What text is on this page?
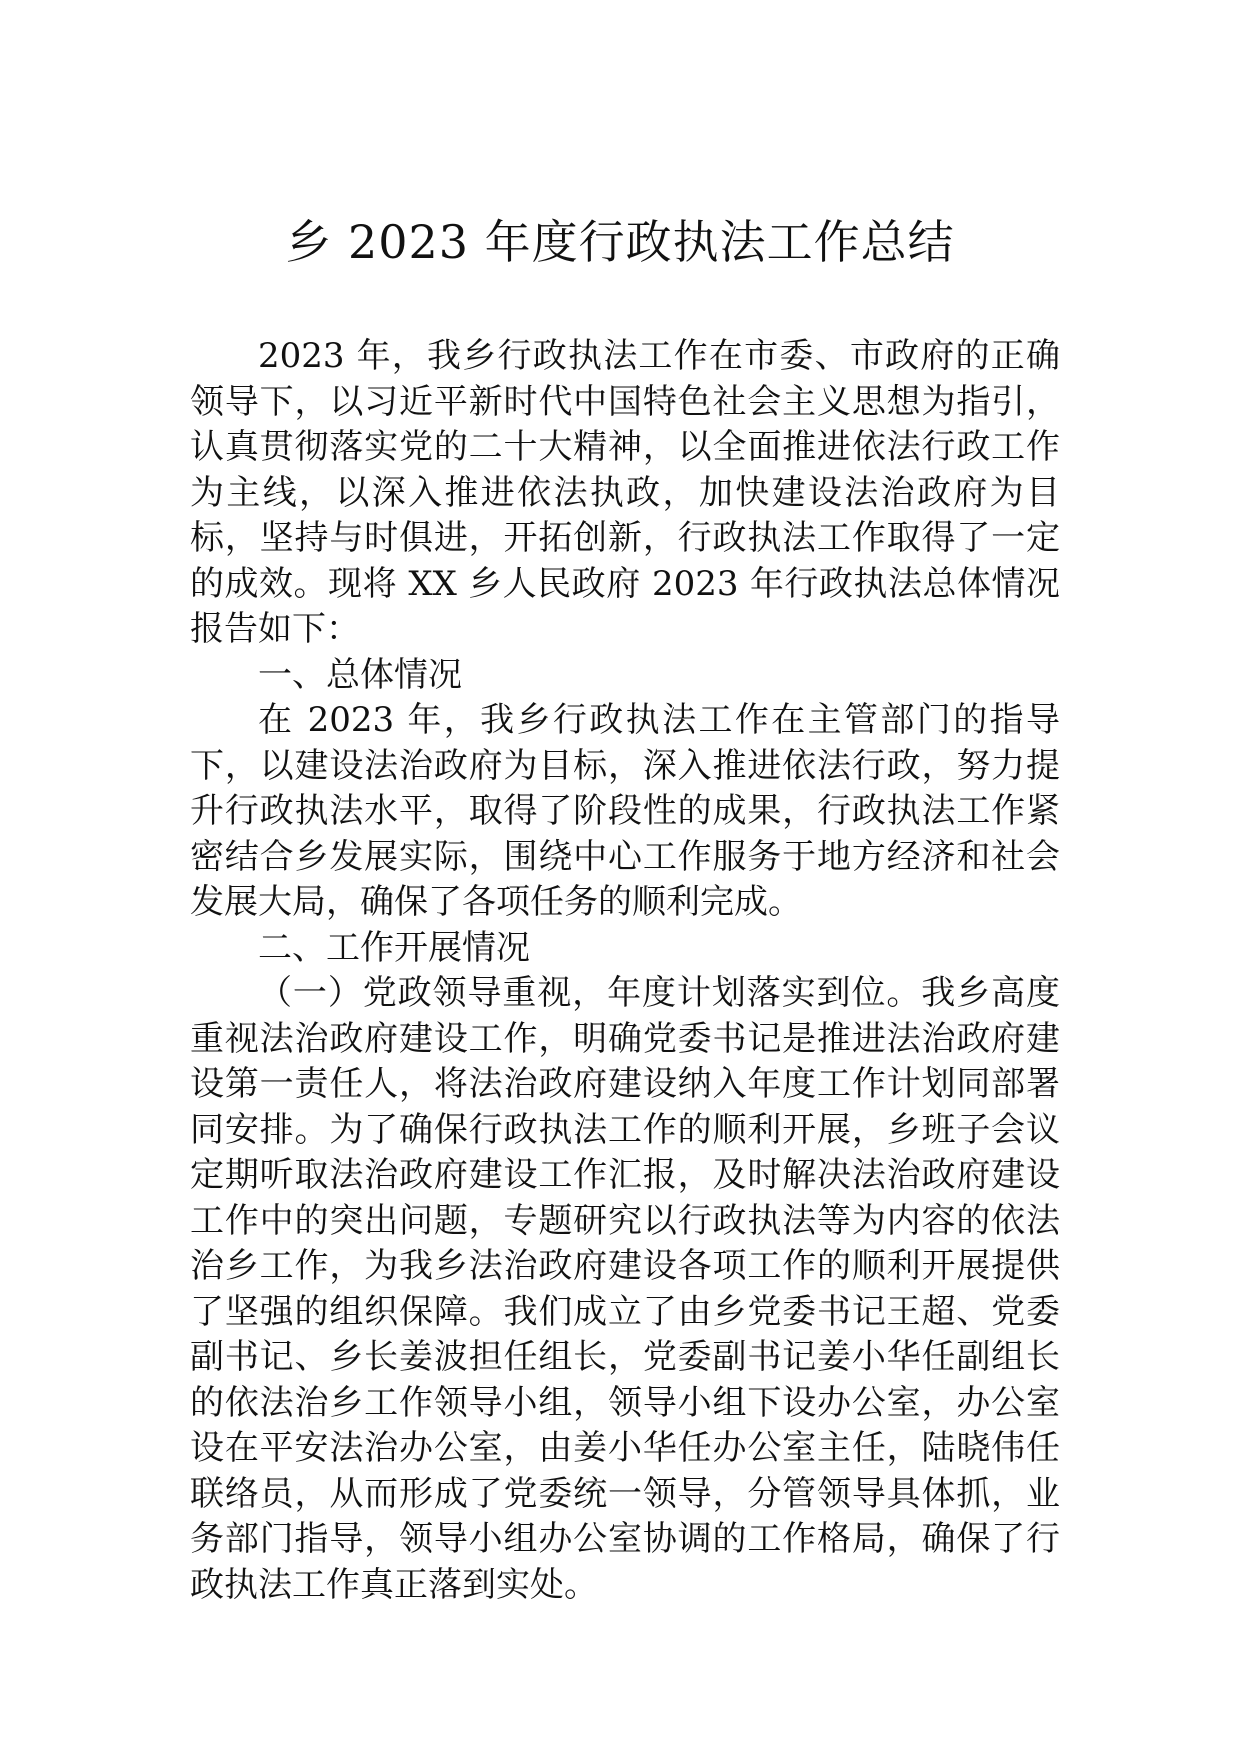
乡 2023 年度行政执法工作总结

2023 年，我乡行政执法工作在市委、市政府的正确领导下，以习近平新时代中国特色社会主义思想为指引，认真贯彻落实党的二十大精神，以全面推进依法行政工作为主线，以深入推进依法执政，加快建设法治政府为目标，坚持与时俱进，开拓创新，行政执法工作取得了一定的成效。现将 XX 乡人民政府 2023 年行政执法总体情况报告如下：

一、总体情况

在 2023 年，我乡行政执法工作在主管部门的指导下，以建设法治政府为目标，深入推进依法行政，努力提升行政执法水平，取得了阶段性的成果，行政执法工作紧密结合乡发展实际，围绕中心工作服务于地方经济和社会发展大局，确保了各项任务的顺利完成。

二、工作开展情况

（一）党政领导重视，年度计划落实到位。我乡高度重视法治政府建设工作，明确党委书记是推进法治政府建设第一责任人，将法治政府建设纳入年度工作计划同部署同安排。为了确保行政执法工作的顺利开展，乡班子会议定期听取法治政府建设工作汇报，及时解决法治政府建设工作中的突出问题，专题研究以行政执法等为内容的依法治乡工作，为我乡法治政府建设各项工作的顺利开展提供了坚强的组织保障。我们成立了由乡党委书记王超、党委副书记、乡长姜波担任组长，党委副书记姜小华任副组长的依法治乡工作领导小组，领导小组下设办公室，办公室设在平安法治办公室，由姜小华任办公室主任，陆晓伟任联络员，从而形成了党委统一领导，分管领导具体抓，业务部门指导，领导小组办公室协调的工作格局，确保了行政执法工作真正落到实处。
